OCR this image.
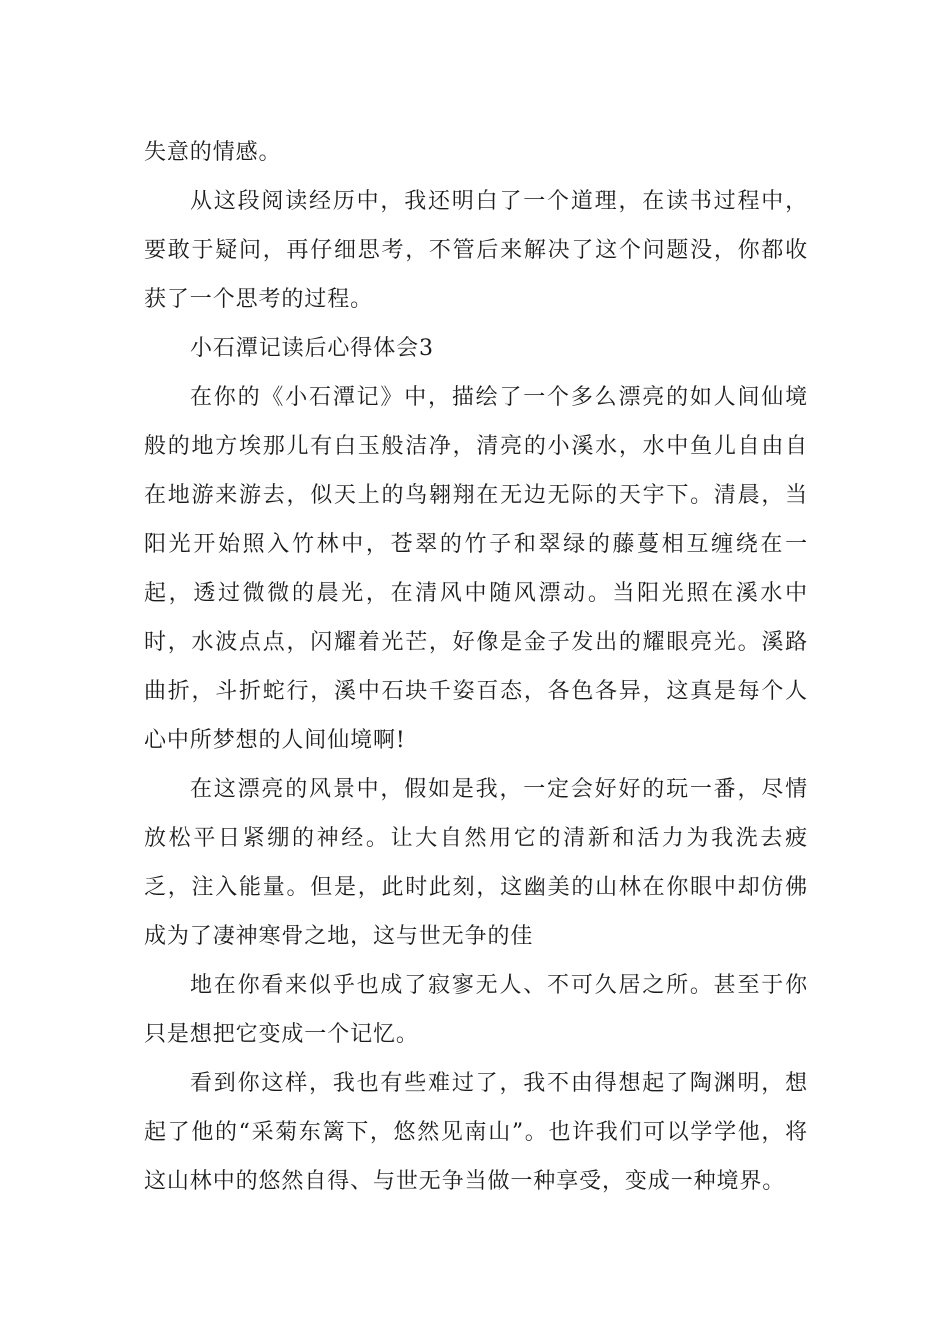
失意的情感。

从这段阅读经历中，我还明白了一个道理，在读书过程中，要敢于疑问，再仔细思考，不管后来解决了这个问题没，你都收获了一个思考的过程。

小石潭记读后心得体会3

在你的《小石潭记》中，描绘了一个多么漂亮的如人间仙境般的地方埃那儿有白玉般洁净，清亮的小溪水，水中鱼儿自由自在地游来游去，似天上的鸟翱翔在无边无际的天宇下。清晨，当阳光开始照入竹林中，苍翠的竹子和翠绿的藤蔓相互缠绕在一起，透过微微的晨光，在清风中随风漂动。当阳光照在溪水中时，水波点点，闪耀着光芒，好像是金子发出的耀眼亮光。溪路曲折，斗折蛇行，溪中石块千姿百态，各色各异，这真是每个人心中所梦想的人间仙境啊!

在这漂亮的风景中，假如是我，一定会好好的玩一番，尽情放松平日紧绷的神经。让大自然用它的清新和活力为我洗去疲乏，注入能量。但是，此时此刻，这幽美的山林在你眼中却仿佛成为了凄神寒骨之地，这与世无争的佳

地在你看来似乎也成了寂寥无人、不可久居之所。甚至于你只是想把它变成一个记忆。

看到你这样，我也有些难过了，我不由得想起了陶渊明，想起了他的“采菊东篱下，悠然见南山”。也许我们可以学学他，将这山林中的悠然自得、与世无争当做一种享受，变成一种境界。
